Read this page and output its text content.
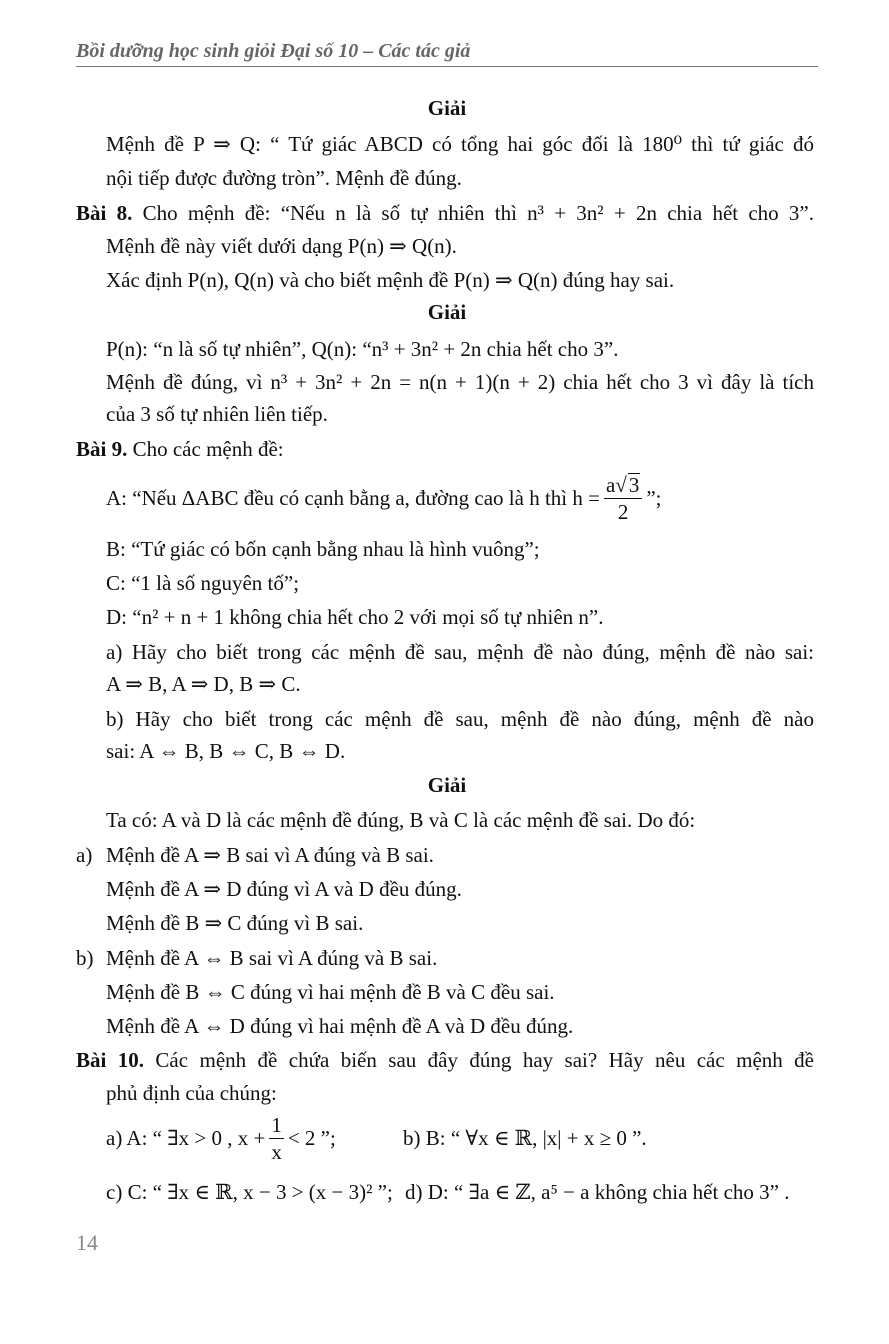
Bồi dưỡng học sinh giỏi Đại số 10 – Các tác giả
Giải
Mệnh đề P ⇒ Q: “ Tứ giác ABCD có tổng hai góc đối là 180⁰ thì tứ giác đó
nội tiếp được đường tròn”. Mệnh đề đúng.
Bài 8. Cho mệnh đề: “Nếu n là số tự nhiên thì n³ + 3n² + 2n chia hết cho 3”.
Mệnh đề này viết dưới dạng P(n) ⇒ Q(n).
Xác định P(n), Q(n) và cho biết mệnh đề P(n) ⇒ Q(n) đúng hay sai.
Giải
P(n): “n là số tự nhiên”, Q(n): “n³ + 3n² + 2n chia hết cho 3”.
Mệnh đề đúng, vì n³ + 3n² + 2n = n(n + 1)(n + 2) chia hết cho 3 vì đây là tích
của 3 số tự nhiên liên tiếp.
Bài 9. Cho các mệnh đề:
A: “Nếu ΔABC đều có cạnh bằng a, đường cao là h thì $h = \frac{a√3}{2}$ ”;
B: “Tứ giác có bốn cạnh bằng nhau là hình vuông”;
C: “1 là số nguyên tố”;
D: “n² + n + 1 không chia hết cho 2 với mọi số tự nhiên n”.
a) Hãy cho biết trong các mệnh đề sau, mệnh đề nào đúng, mệnh đề nào sai:
A ⇒ B, A ⇒ D, B ⇒ C.
b) Hãy cho biết trong các mệnh đề sau, mệnh đề nào đúng, mệnh đề nào
sai: A ⇔ B, B ⇔ C, B ⇔ D.
Giải
Ta có: A và D là các mệnh đề đúng, B và C là các mệnh đề sai. Do đó:
a) Mệnh đề A ⇒ B sai vì A đúng và B sai.
Mệnh đề A ⇒ D đúng vì A và D đều đúng.
Mệnh đề B ⇒ C đúng vì B sai.
b) Mệnh đề A ⇔ B sai vì A đúng và B sai.
Mệnh đề B ⇔ C đúng vì hai mệnh đề B và C đều sai.
Mệnh đề A ⇔ D đúng vì hai mệnh đề A và D đều đúng.
Bài 10. Các mệnh đề chứa biến sau đây đúng hay sai? Hãy nêu các mệnh đề
phủ định của chúng:
a) A: “ ∃x > 0 , $x + \frac{1}{x} < 2$ ”;	b) B: “ ∀x ∈ ℝ, |x| + x ≥ 0 ”.
c) C: “ ∃x ∈ ℝ, x − 3 > (x − 3)² ”; d) D: “ ∃a ∈ ℤ, a⁵ − a không chia hết cho 3” .
14
